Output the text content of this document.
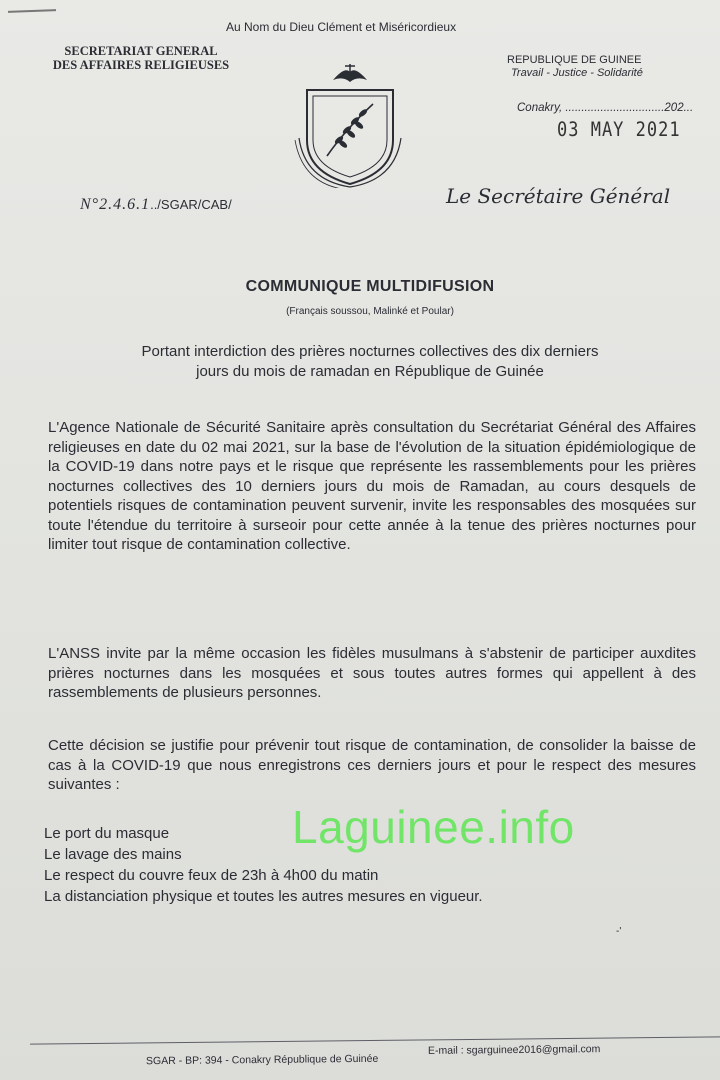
Au Nom du Dieu Clément et Miséricordieux
SECRETARIAT GENERAL
DES AFFAIRES RELIGIEUSES	REPUBLIQUE DE GUINEE
Travail - Justice - Solidarité
Conakry, ...............................202...
03 MAY 2021
N°2.4.6.1../SGAR/CAB/	Le Secrétaire Général
COMMUNIQUE MULTIDIFUSION
(Français soussou, Malinké et Poular)
Portant interdiction des prières nocturnes collectives des dix derniers
jours du mois de ramadan en République de Guinée
L'Agence Nationale de Sécurité Sanitaire après consultation du Secrétariat Général des Affaires religieuses en date du 02 mai 2021, sur la base de l'évolution de la situation épidémiologique de la COVID-19 dans notre pays et le risque que représente les rassemblements pour les prières nocturnes collectives des 10 derniers jours du mois de Ramadan, au cours desquels de potentiels risques de contamination peuvent survenir, invite les responsables des mosquées sur toute l'étendue du territoire à surseoir pour cette année à la tenue des prières nocturnes pour limiter tout risque de contamination collective.
L'ANSS invite par la même occasion les fidèles musulmans à s'abstenir de participer auxdites prières nocturnes dans les mosquées et sous toutes autres formes qui appellent à des rassemblements de plusieurs personnes.
Cette décision se justifie pour prévenir tout risque de contamination, de consolider la baisse de cas à la COVID-19 que nous enregistrons ces derniers jours et pour le respect des mesures suivantes :
Le port du masque
Le lavage des mains
Le respect du couvre feux de 23h à 4h00 du matin
La distanciation physique et toutes les autres mesures en vigueur.
-'
Laguinee.info
SGAR - BP: 394 - Conakry République de Guinée
E-mail : sgarguinee2016@gmail.com
